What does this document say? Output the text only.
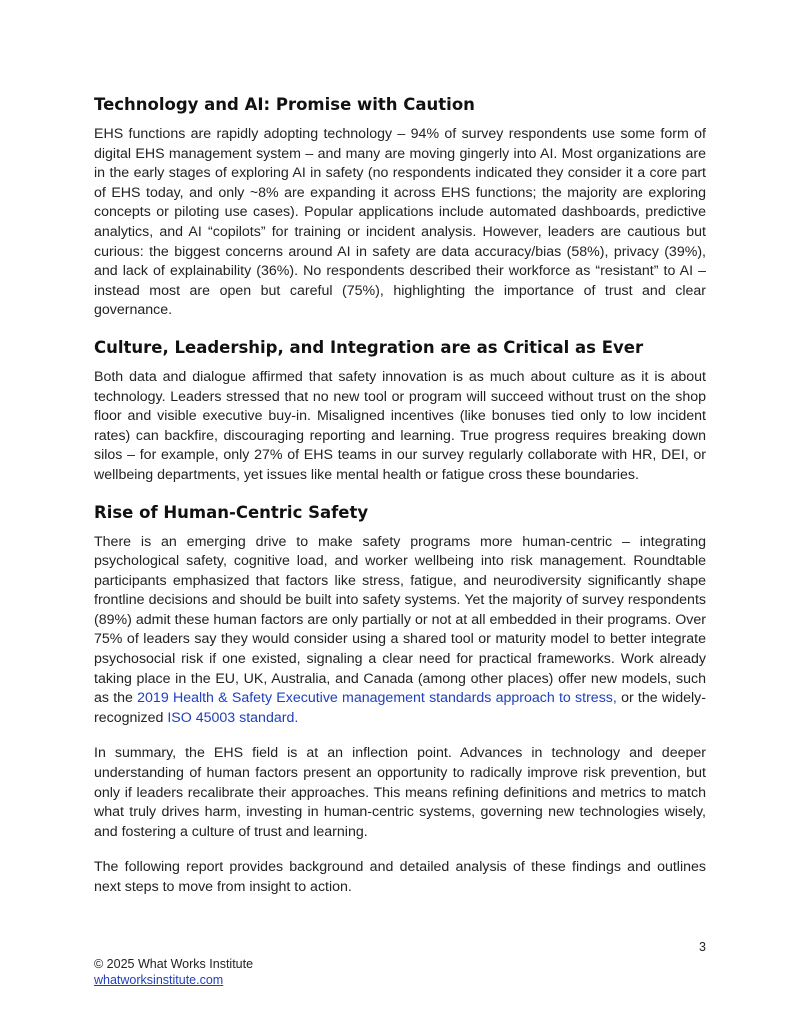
Technology and AI: Promise with Caution

EHS functions are rapidly adopting technology – 94% of survey respondents use some form of digital EHS management system – and many are moving gingerly into AI. Most organizations are in the early stages of exploring AI in safety (no respondents indicated they consider it a core part of EHS today, and only ~8% are expanding it across EHS functions; the majority are exploring concepts or piloting use cases). Popular applications include automated dashboards, predictive analytics, and AI “copilots” for training or incident analysis. However, leaders are cautious but curious: the biggest concerns around AI in safety are data accuracy/bias (58%), privacy (39%), and lack of explainability (36%). No respondents described their workforce as “resistant” to AI – instead most are open but careful (75%), highlighting the importance of trust and clear governance.

Culture, Leadership, and Integration are as Critical as Ever

Both data and dialogue affirmed that safety innovation is as much about culture as it is about technology. Leaders stressed that no new tool or program will succeed without trust on the shop floor and visible executive buy-in. Misaligned incentives (like bonuses tied only to low incident rates) can backfire, discouraging reporting and learning. True progress requires breaking down silos – for example, only 27% of EHS teams in our survey regularly collaborate with HR, DEI, or wellbeing departments, yet issues like mental health or fatigue cross these boundaries.

Rise of Human-Centric Safety

There is an emerging drive to make safety programs more human-centric – integrating psychological safety, cognitive load, and worker wellbeing into risk management. Roundtable participants emphasized that factors like stress, fatigue, and neurodiversity significantly shape frontline decisions and should be built into safety systems. Yet the majority of survey respondents (89%) admit these human factors are only partially or not at all embedded in their programs. Over 75% of leaders say they would consider using a shared tool or maturity model to better integrate psychosocial risk if one existed, signaling a clear need for practical frameworks. Work already taking place in the EU, UK, Australia, and Canada (among other places) offer new models, such as the 2019 Health & Safety Executive management standards approach to stress, or the widely-recognized ISO 45003 standard.

In summary, the EHS field is at an inflection point. Advances in technology and deeper understanding of human factors present an opportunity to radically improve risk prevention, but only if leaders recalibrate their approaches. This means refining definitions and metrics to match what truly drives harm, investing in human-centric systems, governing new technologies wisely, and fostering a culture of trust and learning.

The following report provides background and detailed analysis of these findings and outlines next steps to move from insight to action.

3
© 2025 What Works Institute
whatworksinstitute.com
